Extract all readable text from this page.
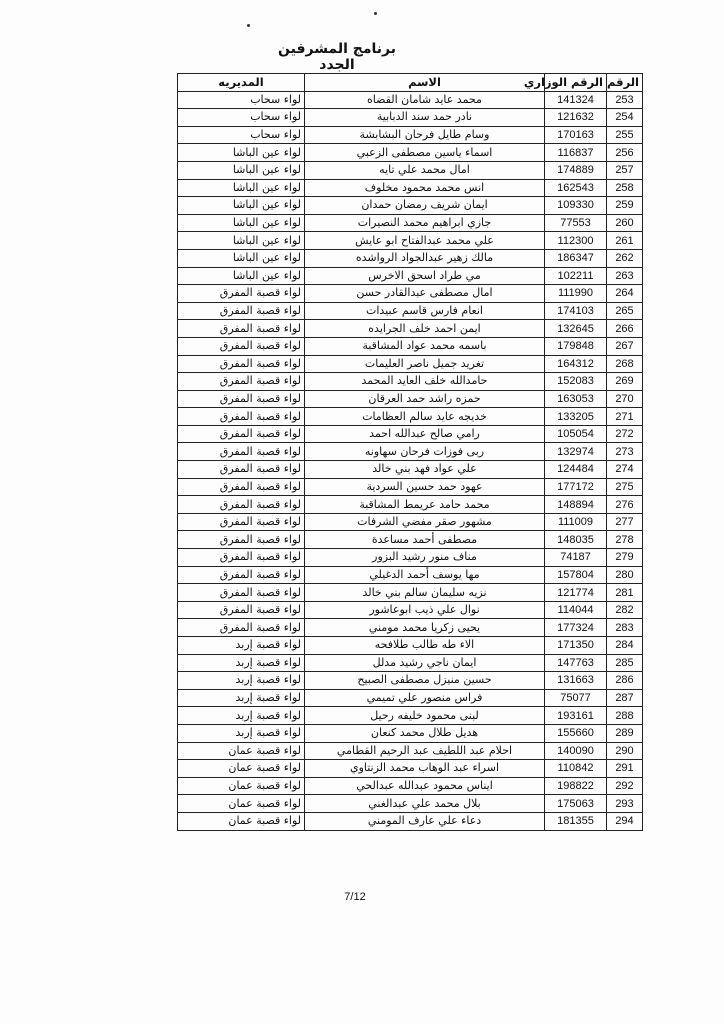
برنامج المشرفين الجدد
الرقم	الرقم الوزاري	الاسم	المديريه
253	141324	محمد عايد شامان القضاه	لواء سحاب
254	121632	نادر حمد سند الدبابية	لواء سحاب
255	170163	وسام طايل فرحان البشابشة	لواء سحاب
256	116837	اسماء ياسين مصطفى الزعبي	لواء عين الباشا
257	174889	امال محمد علي تايه	لواء عين الباشا
258	162543	انس محمد محمود مخلوف	لواء عين الباشا
259	109330	ايمان شريف رمضان حمدان	لواء عين الباشا
260	77553	جازي ابراهيم محمد النصيرات	لواء عين الباشا
261	112300	علي محمد عبدالفتاح ابو عايش	لواء عين الباشا
262	186347	مالك زهير عبدالجواد الرواشده	لواء عين الباشا
263	102211	مي طراد اسحق الاخرس	لواء عين الباشا
264	111990	امال مصطفى عبدالقادر حسن	لواء قصبة المفرق
265	174103	انعام فارس قاسم عبيدات	لواء قصبة المفرق
266	132645	ايمن احمد خلف الجرايده	لواء قصبة المفرق
267	179848	باسمه محمد عواد المشاقبة	لواء قصبة المفرق
268	164312	تغريد جميل ناصر العليمات	لواء قصبة المفرق
269	152083	حامدالله خلف العايد المحمد	لواء قصبة المفرق
270	163053	حمزه راشد حمد العرقان	لواء قصبة المفرق
271	133205	خديجه عايد سالم العظامات	لواء قصبة المفرق
272	105054	رامي صالح عبدالله احمد	لواء قصبة المفرق
273	132974	ربى فوزات فرحان سهاونه	لواء قصبة المفرق
274	124484	علي عواد فهد بني خالد	لواء قصبة المفرق
275	177172	عهود حمد حسين السردية	لواء قصبة المفرق
276	148894	محمد حامد عريمط المشاقبة	لواء قصبة المفرق
277	111009	مشهور صقر مفضي الشرفات	لواء قصبة المفرق
278	148035	مصطفى أحمد مساعدة	لواء قصبة المفرق
279	74187	مناف منور رشيد البزور	لواء قصبة المفرق
280	157804	مها يوسف أحمد الدغيلي	لواء قصبة المفرق
281	121774	نزيه سليمان سالم بني خالد	لواء قصبة المفرق
282	114044	نوال علي ذيب ابوعاشور	لواء قصبة المفرق
283	177324	يحيى زكريا محمد مومني	لواء قصبة المفرق
284	171350	الاء طه طالب طلافحه	لواء قصبة إربد
285	147763	ايمان ناجي رشيد مدلل	لواء قصبة إربد
286	131663	حسين منيزل مصطفى الصبيح	لواء قصبة إربد
287	75077	فراس منصور علي تميمي	لواء قصبة إربد
288	193161	لبنى محمود خليفه رحيل	لواء قصبة إربد
289	155660	هديل طلال محمد كنعان	لواء قصبة إربد
290	140090	احلام عبد اللطيف عبد الرحيم القطامي	لواء قصبة عمان
291	110842	اسراء عبد الوهاب محمد الزنتاوي	لواء قصبة عمان
292	198822	ايناس محمود عبدالله عبدالحي	لواء قصبة عمان
293	175063	بلال محمد علي عبدالغني	لواء قصبة عمان
294	181355	دعاء علي عارف المومني	لواء قصبة عمان
7/12
